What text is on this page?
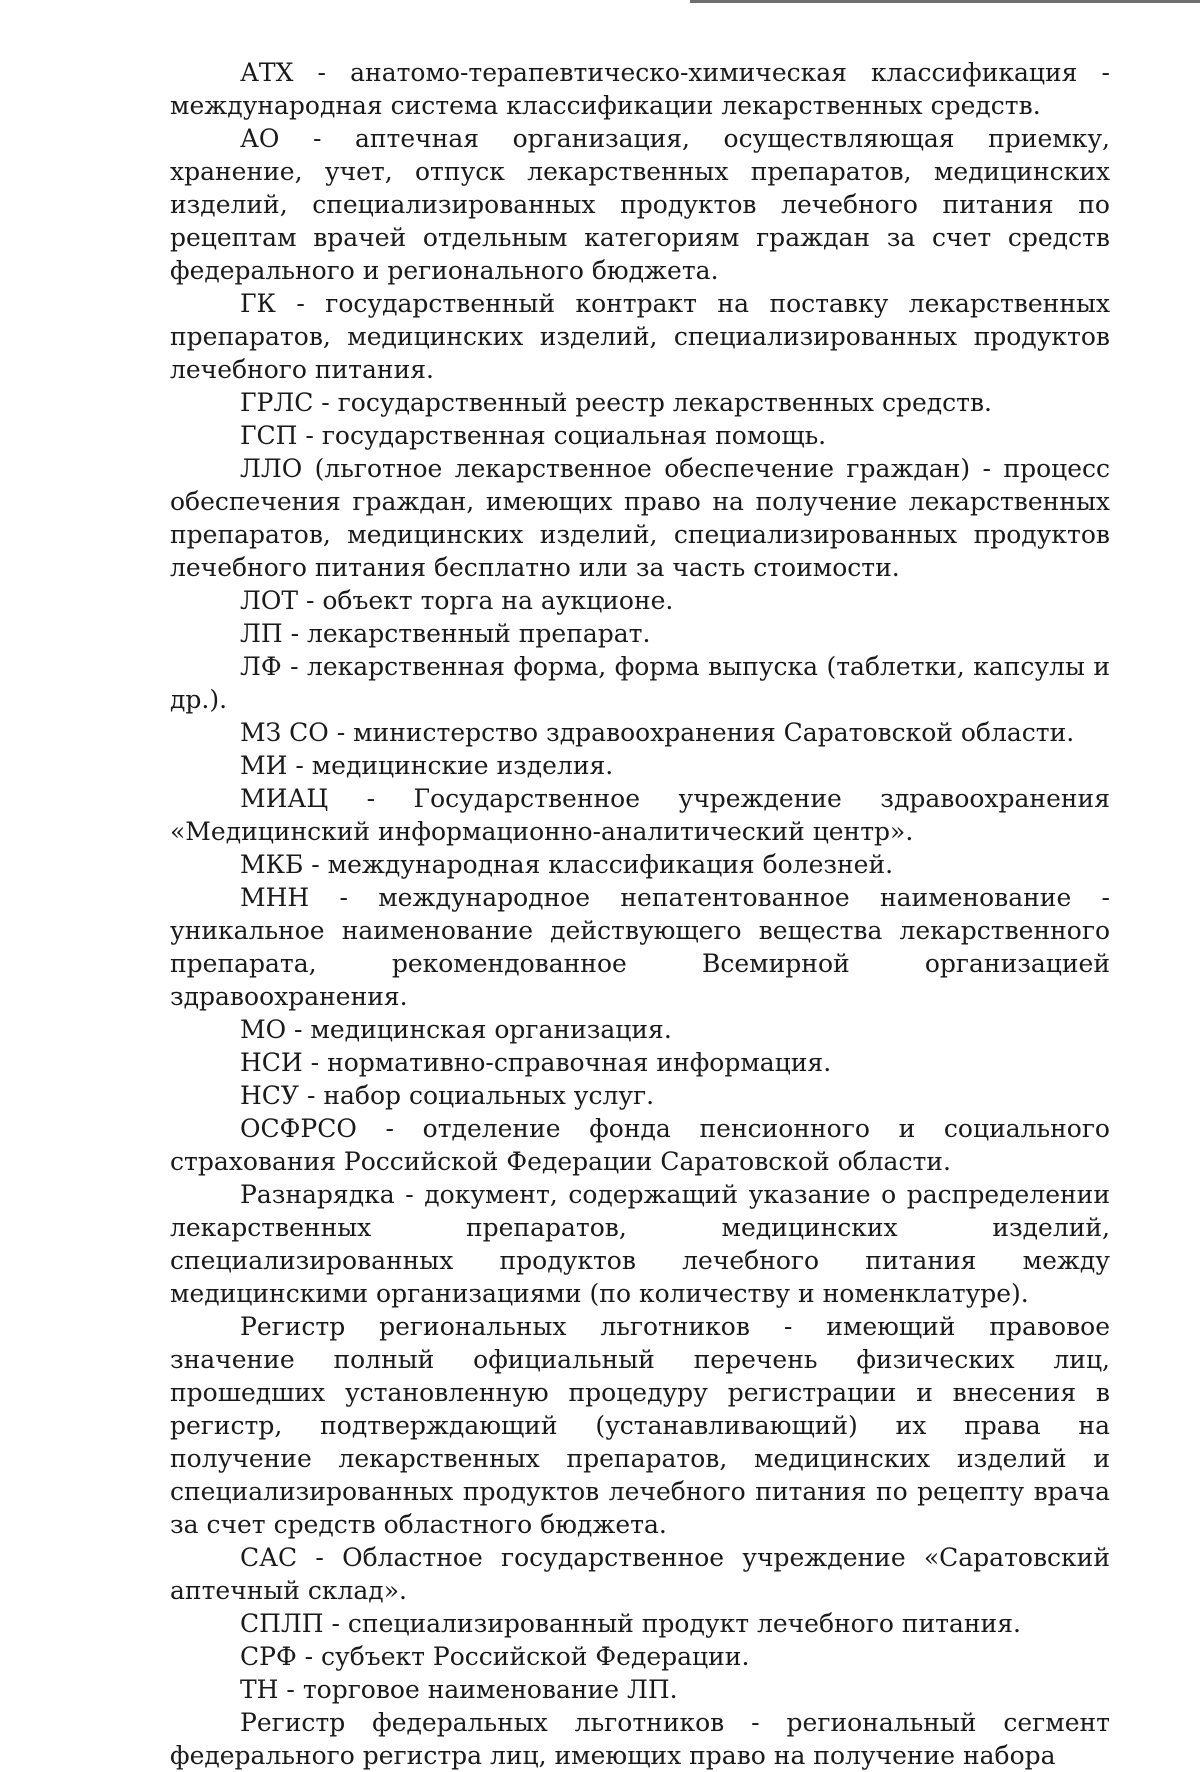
АТХ - анатомо-терапевтическо-химическая классификация - международная система классификации лекарственных средств.

АО - аптечная организация, осуществляющая приемку, хранение, учет, отпуск лекарственных препаратов, медицинских изделий, специализированных продуктов лечебного питания по рецептам врачей отдельным категориям граждан за счет средств федерального и регионального бюджета.

ГК - государственный контракт на поставку лекарственных препаратов, медицинских изделий, специализированных продуктов лечебного питания.

ГРЛС - государственный реестр лекарственных средств.

ГСП - государственная социальная помощь.

ЛЛО (льготное лекарственное обеспечение граждан) - процесс обеспечения граждан, имеющих право на получение лекарственных препаратов, медицинских изделий, специализированных продуктов лечебного питания бесплатно или за часть стоимости.

ЛОТ - объект торга на аукционе.

ЛП - лекарственный препарат.

ЛФ - лекарственная форма, форма выпуска (таблетки, капсулы и др.).

МЗ СО - министерство здравоохранения Саратовской области.

МИ - медицинские изделия.

МИАЦ - Государственное учреждение здравоохранения «Медицинский информационно-аналитический центр».

МКБ - международная классификация болезней.

МНН - международное непатентованное наименование - уникальное наименование действующего вещества лекарственного препарата, рекомендованное Всемирной организацией здравоохранения.

МО - медицинская организация.

НСИ - нормативно-справочная информация.

НСУ - набор социальных услуг.

ОСФРСО - отделение фонда пенсионного и социального страхования Российской Федерации Саратовской области.

Разнарядка - документ, содержащий указание о распределении лекарственных препаратов, медицинских изделий, специализированных продуктов лечебного питания между медицинскими организациями (по количеству и номенклатуре).

Регистр региональных льготников - имеющий правовое значение полный официальный перечень физических лиц, прошедших установленную процедуру регистрации и внесения в регистр, подтверждающий (устанавливающий) их права на получение лекарственных препаратов, медицинских изделий и специализированных продуктов лечебного питания по рецепту врача за счет средств областного бюджета.

САС - Областное государственное учреждение «Саратовский аптечный склад».

СПЛП - специализированный продукт лечебного питания.

СРФ - субъект Российской Федерации.

ТН - торговое наименование ЛП.

Регистр федеральных льготников - региональный сегмент федерального регистра лиц, имеющих право на получение набора
